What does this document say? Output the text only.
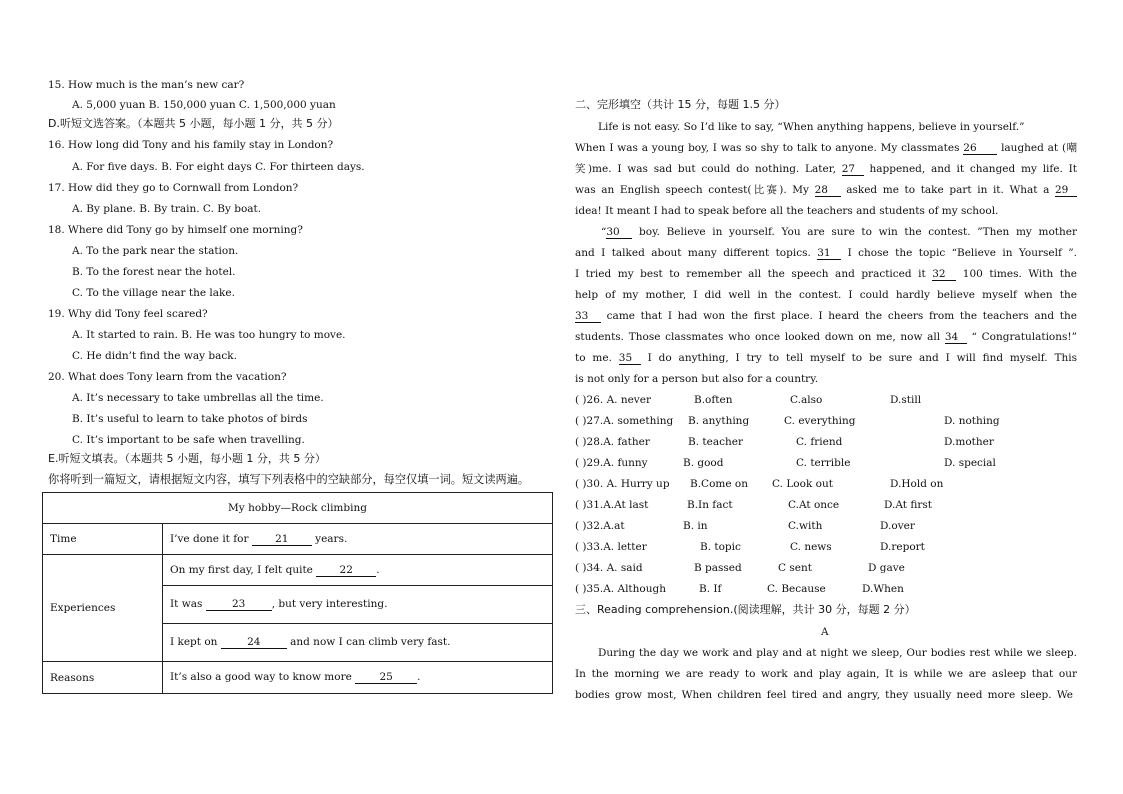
15. How much is the man’s new car?
A. 5,000 yuan B. 150,000 yuan C. 1,500,000 yuan
D.听短文选答案。（本题共 5 小题，每小题 1 分，共 5 分）
16. How long did Tony and his family stay in London?
A. For five days. B. For eight days C. For thirteen days.
17. How did they go to Cornwall from London?
A. By plane. B. By train. C. By boat.
18. Where did Tony go by himself one morning?
A. To the park near the station.
B. To the forest near the hotel.
C. To the village near the lake.
19. Why did Tony feel scared?
A. It started to rain. B. He was too hungry to move.
C. He didn’t find the way back.
20. What does Tony learn from the vacation?
A. It’s necessary to take umbrellas all the time.
B. It’s useful to learn to take photos of birds
C. It’s important to be safe when travelling.
E.听短文填表。（本题共 5 小题，每小题 1 分，共 5 分）
你将听到一篇短文，请根据短文内容，填写下列表格中的空缺部分，每空仅填一词。短文读两遍。
My hobby—Rock climbing	
Time	I’ve done it for 21 years.
Experiences	On my first day, I felt quite 22 .
	It was 23 , but very interesting.
	I kept on 24 and now I can climb very fast.
Reasons	It’s also a good way to know more 25 .
二、完形填空（共计 15 分，每题 1.5 分）
Life is not easy. So I’d like to say, “When anything happens, believe in yourself.”
When I was a young boy, I was so shy to talk to anyone. My classmates 26 laughed at (嘲
笑)me. I was sad but could do nothing. Later, 27 happened, and it changed my life. It
was an English speech contest(比赛). My 28 asked me to take part in it. What a 29
idea! It meant I had to speak before all the teachers and students of my school.
“30 boy. Believe in yourself. You are sure to win the contest. ”Then my mother
and I talked about many different topics. 31 I chose the topic “Believe in Yourself ”.
I tried my best to remember all the speech and practiced it 32 100 times. With the
help of my mother, I did well in the contest. I could hardly believe myself when the
33 came that I had won the first place. I heard the cheers from the teachers and the
students. Those classmates who once looked down on me, now all 34 “ Congratulations!”
to me. 35 I do anything, I try to tell myself to be sure and I will find myself. This
is not only for a person but also for a country.
( )26. A. never	B.often	C.also	D.still
( )27.A. something B. anything	C. everything	D. nothing
( )28.A. father	B. teacher	C. friend	D.mother
( )29.A. funny	B. good	C. terrible	D. special
( )30. A. Hurry up B.Come on C. Look out	D.Hold on
( )31.A.At last	B.In fact	C.At once	D.At first
( )32.A.at	B. in	C.with	D.over
( )33.A. letter	B. topic	C. news	D.report
( )34. A. said	B passed	C sent	D gave
( )35.A. Although	B. If	C. Because	D.When
三、Reading comprehension.(阅读理解，共计 30 分，每题 2 分）
A
During the day we work and play and at night we sleep, Our bodies rest while we sleep.
In the morning we are ready to work and play again, It is while we are asleep that our
bodies grow most, When children feel tired and angry, they usually need more sleep. We
